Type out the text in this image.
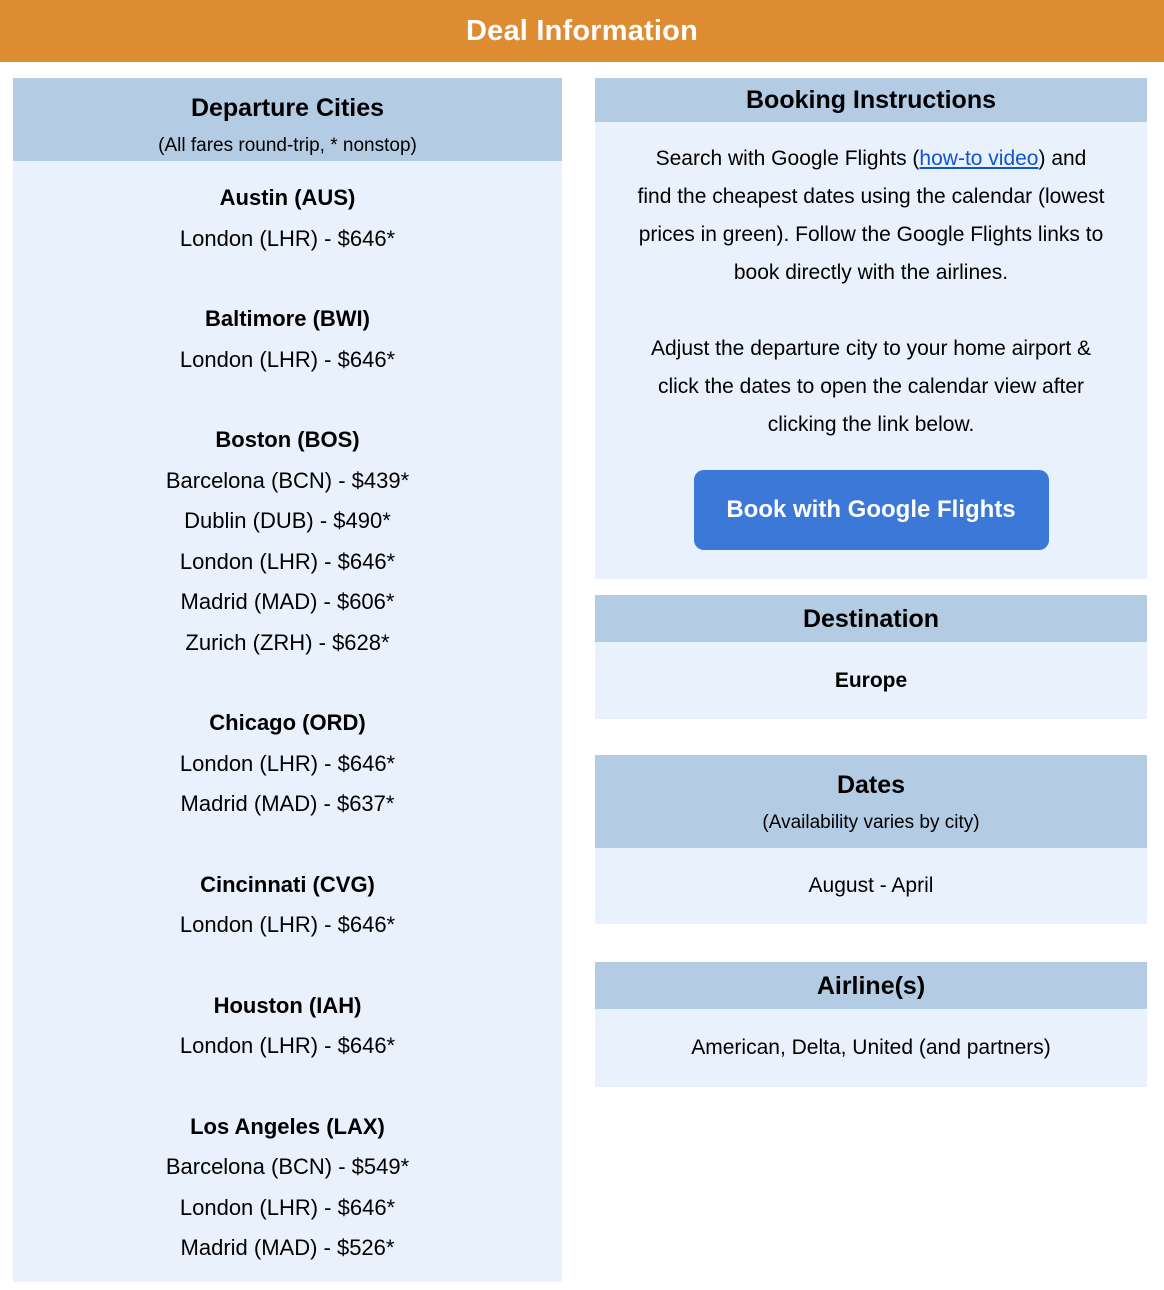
Deal Information
Departure Cities
(All fares round-trip, * nonstop)
Austin (AUS)
London (LHR) - $646*
Baltimore (BWI)
London (LHR) - $646*
Boston (BOS)
Barcelona (BCN) - $439*
Dublin (DUB) - $490*
London (LHR) - $646*
Madrid (MAD) - $606*
Zurich (ZRH) - $628*
Chicago (ORD)
London (LHR) - $646*
Madrid (MAD) - $637*
Cincinnati (CVG)
London (LHR) - $646*
Houston (IAH)
London (LHR) - $646*
Los Angeles (LAX)
Barcelona (BCN) - $549*
London (LHR) - $646*
Madrid (MAD) - $526*
Booking Instructions

Search with Google Flights (how-to video) and find the cheapest dates using the calendar (lowest prices in green). Follow the Google Flights links to book directly with the airlines.

Adjust the departure city to your home airport & click the dates to open the calendar view after clicking the link below.

Book with Google Flights
Destination
Europe
Dates
(Availability varies by city)
August - April
Airline(s)
American, Delta, United (and partners)
